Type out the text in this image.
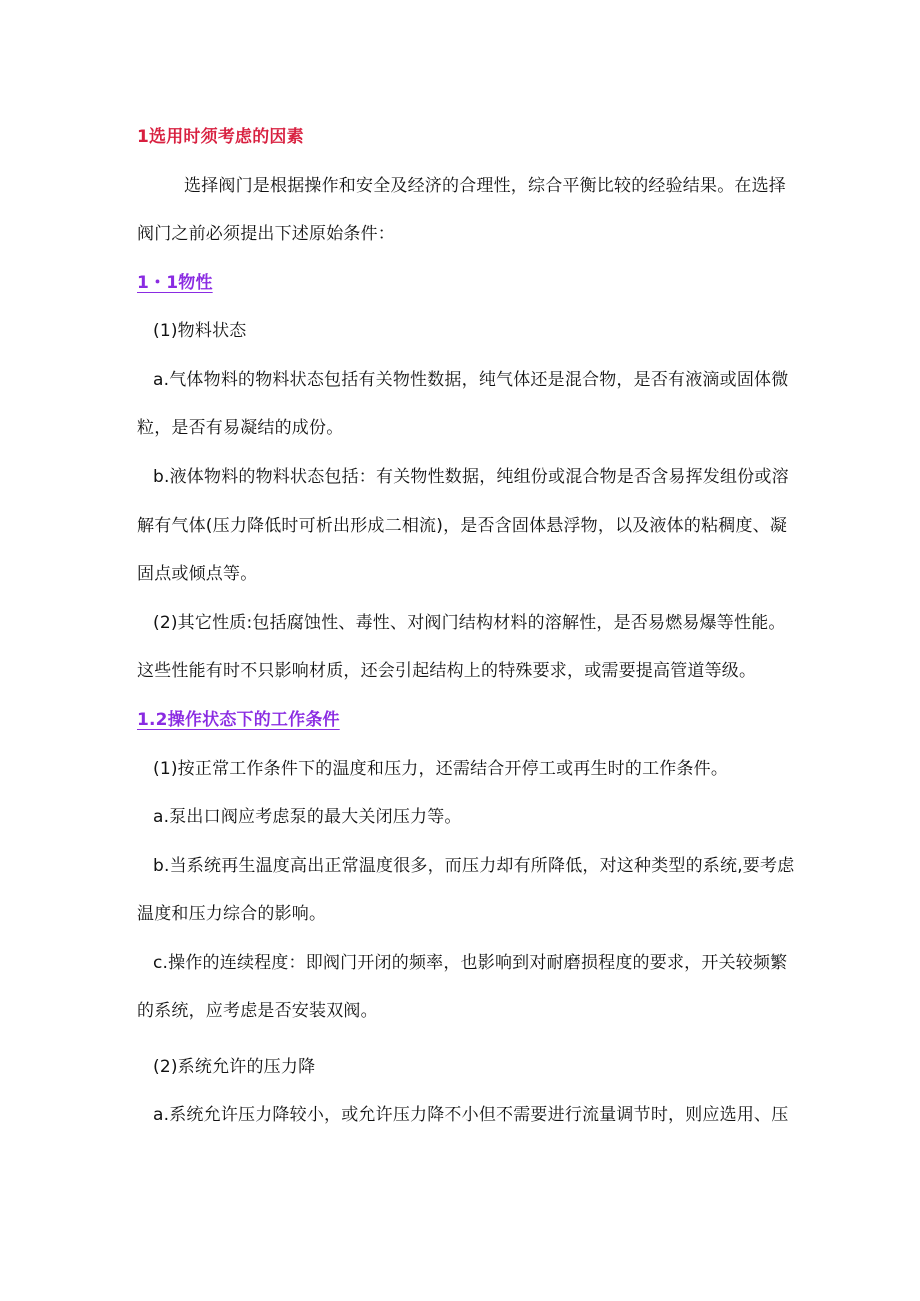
1选用时须考虑的因素
选择阀门是根据操作和安全及经济的合理性，综合平衡比较的经验结果。在选择
阀门之前必须提出下述原始条件：
1・1物性
(1)物料状态
a.气体物料的物料状态包括有关物性数据，纯气体还是混合物，是否有液滴或固体微
粒，是否有易凝结的成份。
b.液体物料的物料状态包括：有关物性数据，纯组份或混合物是否含易挥发组份或溶
解有气体(压力降低时可析出形成二相流)，是否含固体悬浮物，以及液体的粘稠度、凝
固点或倾点等。
(2)其它性质:包括腐蚀性、毒性、对阀门结构材料的溶解性，是否易燃易爆等性能。
这些性能有时不只影响材质，还会引起结构上的特殊要求，或需要提高管道等级。
1.2操作状态下的工作条件
(1)按正常工作条件下的温度和压力，还需结合开停工或再生时的工作条件。
a.泵出口阀应考虑泵的最大关闭压力等。
b.当系统再生温度高出正常温度很多，而压力却有所降低，对这种类型的系统,要考虑
温度和压力综合的影响。
c.操作的连续程度：即阀门开闭的频率，也影响到对耐磨损程度的要求，开关较频繁
的系统，应考虑是否安装双阀。
(2)系统允许的压力降
a.系统允许压力降较小，或允许压力降不小但不需要进行流量调节时，则应选用、压
